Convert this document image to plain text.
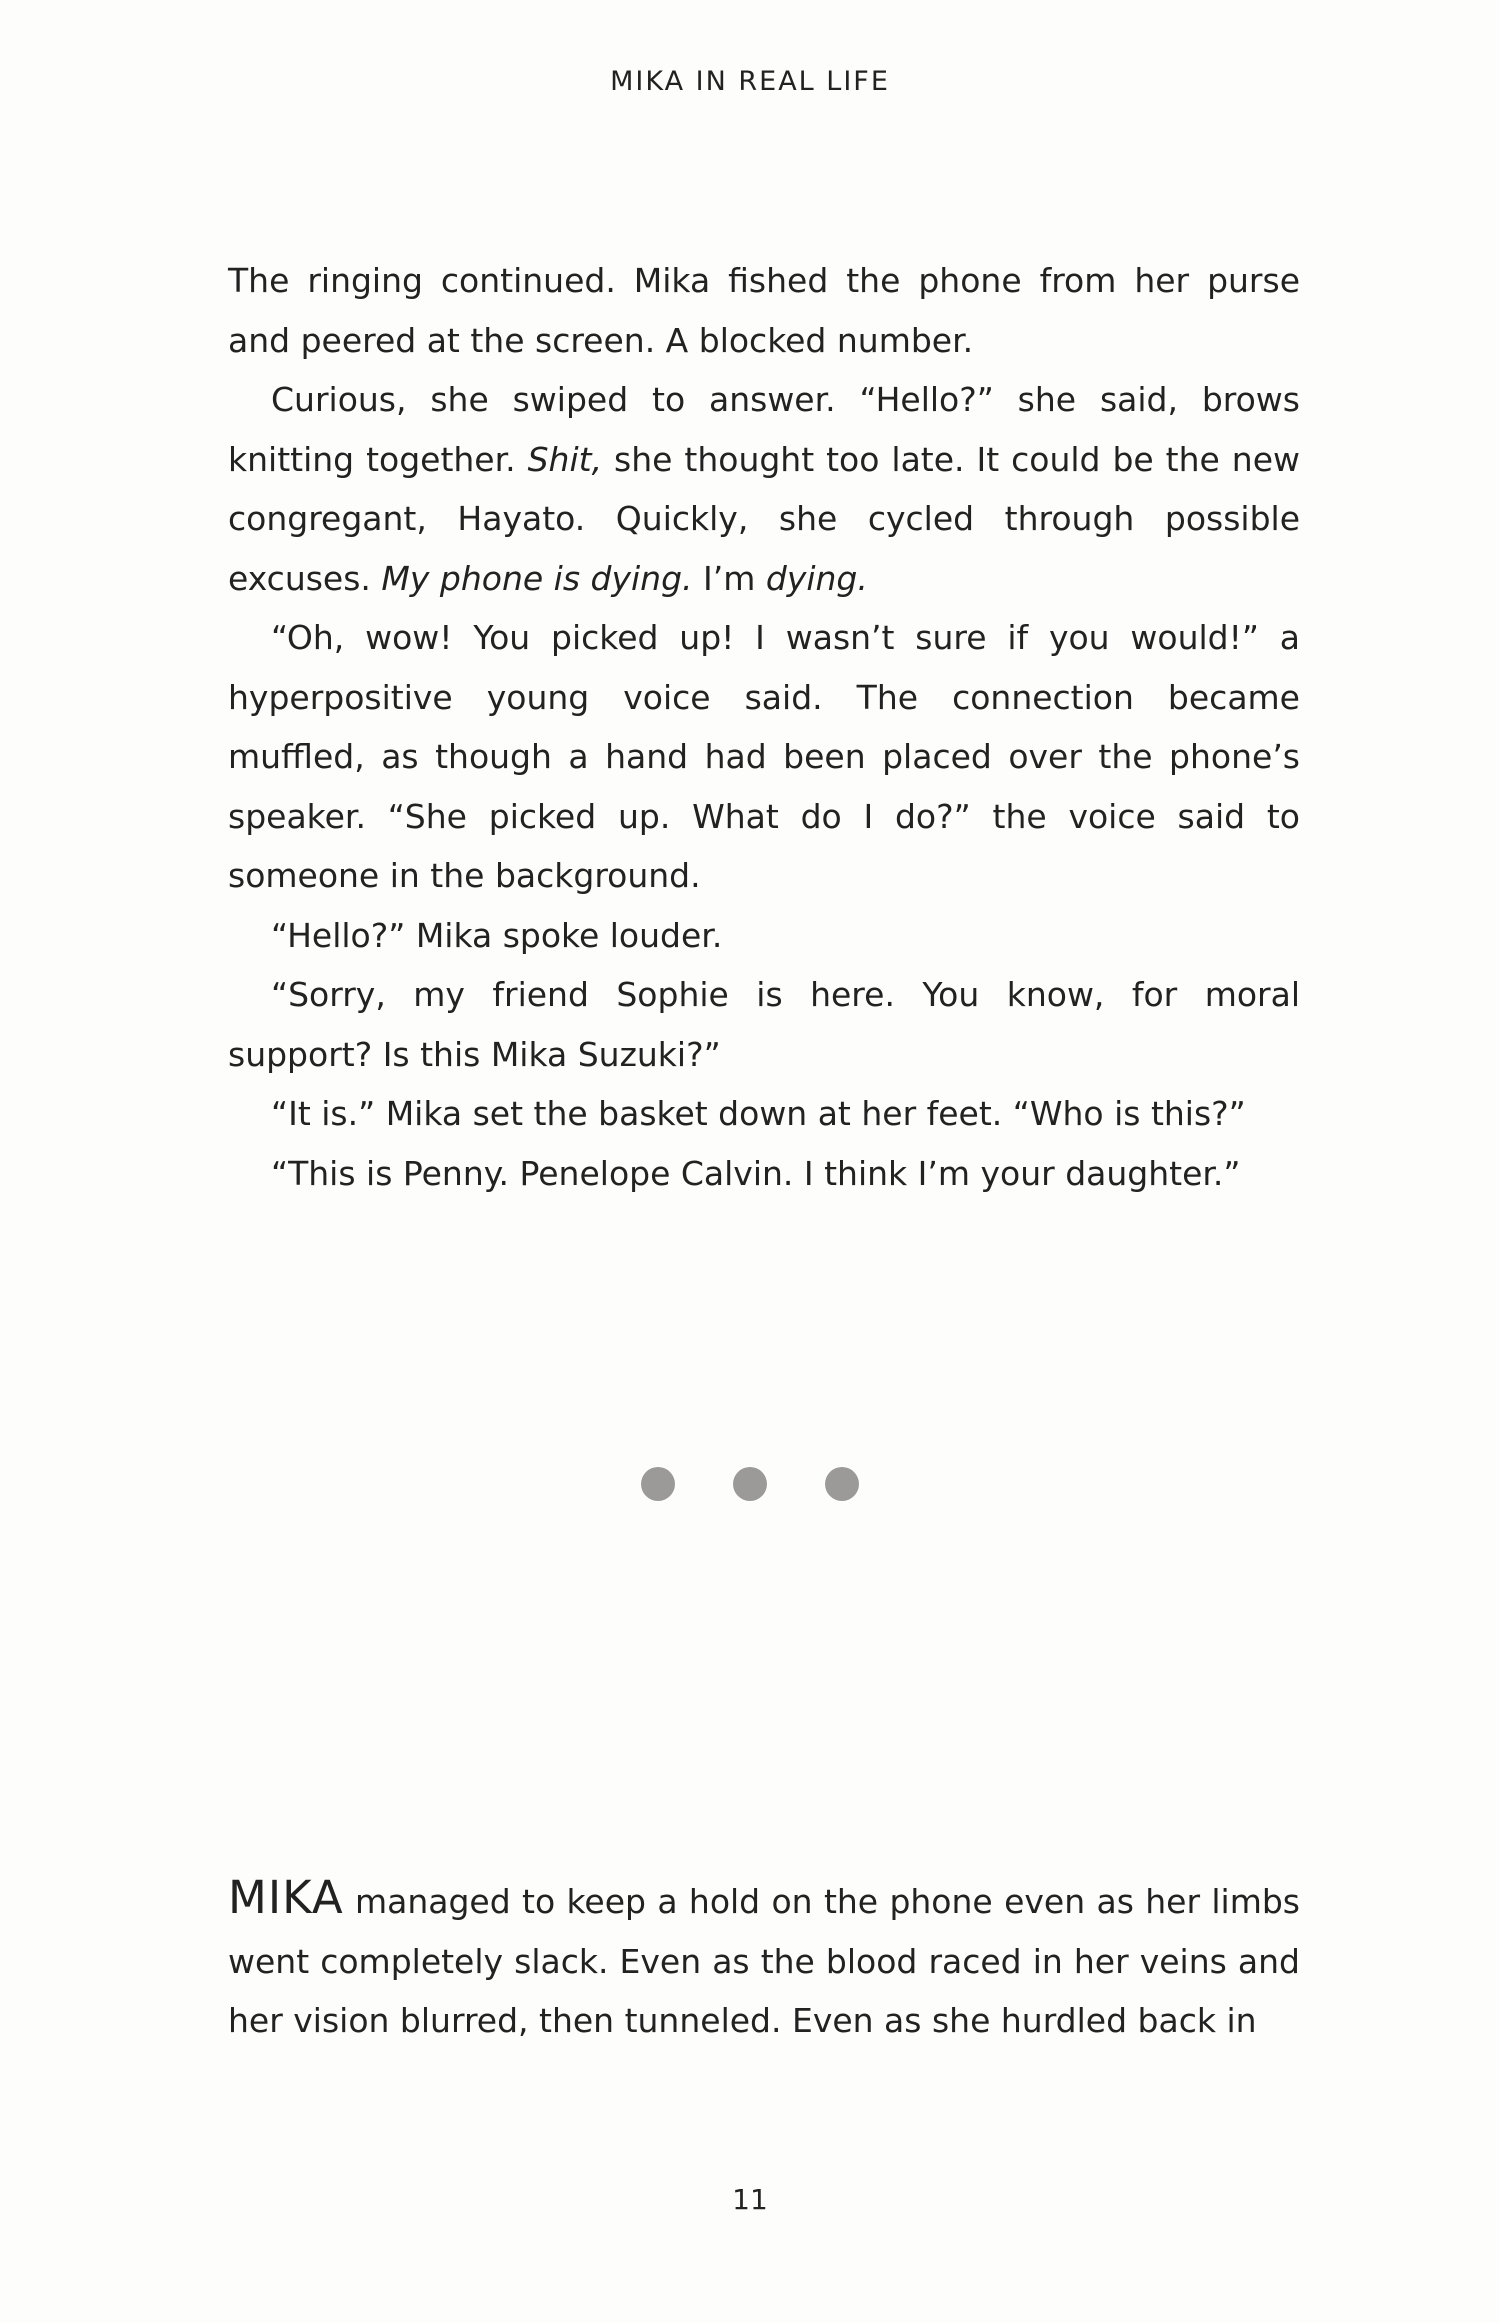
MIKA IN REAL LIFE

The ringing continued. Mika fished the phone from her purse and peered at the screen. A blocked number.

Curious, she swiped to answer. “Hello?” she said, brows knitting together. Shit, she thought too late. It could be the new congregant, Hayato. Quickly, she cycled through possible excuses. My phone is dying. I’m dying.

“Oh, wow! You picked up! I wasn’t sure if you would!” a hyperpositive young voice said. The connection became muffled, as though a hand had been placed over the phone’s speaker. “She picked up. What do I do?” the voice said to someone in the background.

“Hello?” Mika spoke louder.

“Sorry, my friend Sophie is here. You know, for moral support? Is this Mika Suzuki?”

“It is.” Mika set the basket down at her feet. “Who is this?”

“This is Penny. Penelope Calvin. I think I’m your daughter.”

MIKA managed to keep a hold on the phone even as her limbs went completely slack. Even as the blood raced in her veins and her vision blurred, then tunneled. Even as she hurdled back in

11
